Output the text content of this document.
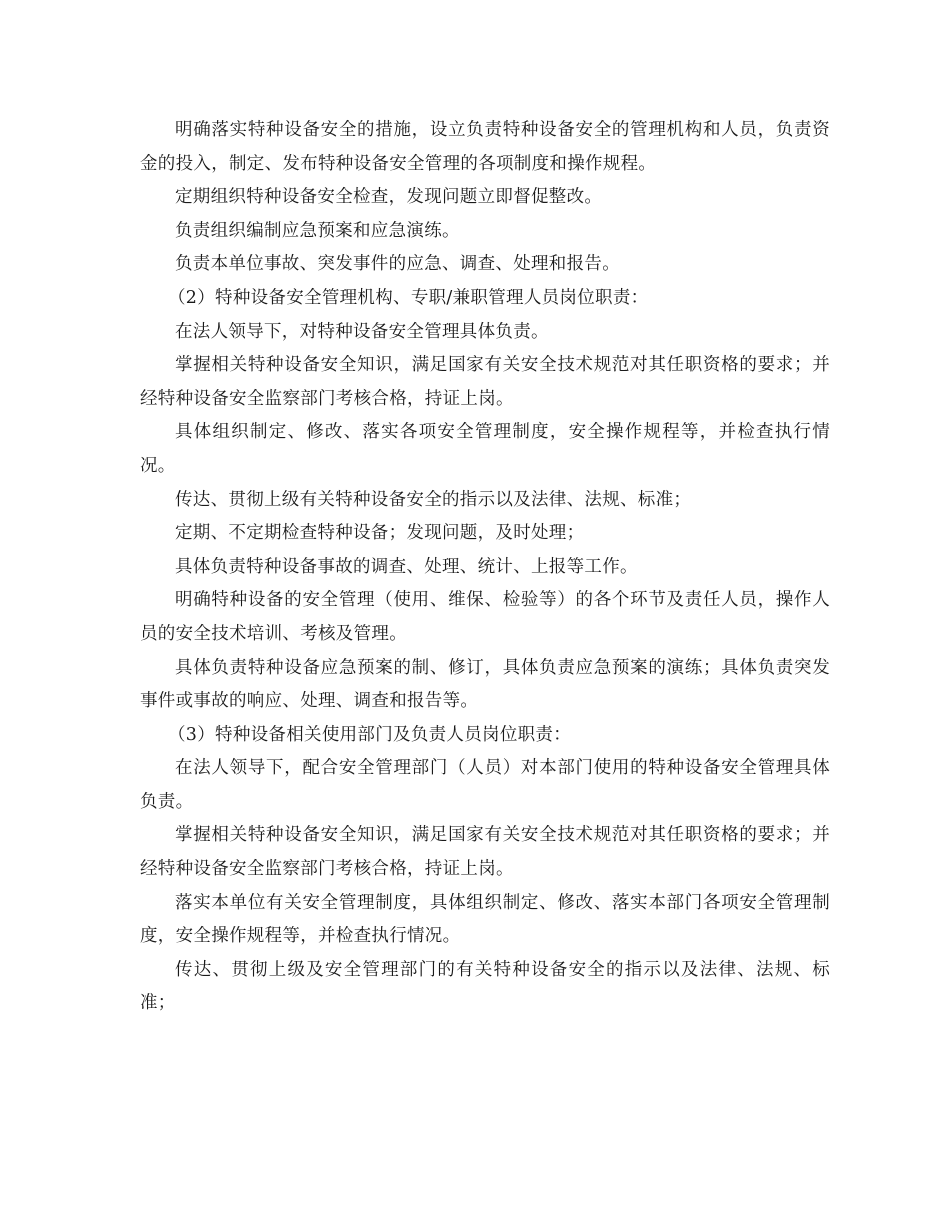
明确落实特种设备安全的措施，设立负责特种设备安全的管理机构和人员，负责资金的投入，制定、发布特种设备安全管理的各项制度和操作规程。

定期组织特种设备安全检查，发现问题立即督促整改。

负责组织编制应急预案和应急演练。

负责本单位事故、突发事件的应急、调查、处理和报告。

（2）特种设备安全管理机构、专职/兼职管理人员岗位职责：

在法人领导下，对特种设备安全管理具体负责。

掌握相关特种设备安全知识，满足国家有关安全技术规范对其任职资格的要求；并经特种设备安全监察部门考核合格，持证上岗。

具体组织制定、修改、落实各项安全管理制度，安全操作规程等，并检查执行情况。

传达、贯彻上级有关特种设备安全的指示以及法律、法规、标准；

定期、不定期检查特种设备；发现问题，及时处理；

具体负责特种设备事故的调查、处理、统计、上报等工作。

明确特种设备的安全管理（使用、维保、检验等）的各个环节及责任人员，操作人员的安全技术培训、考核及管理。

具体负责特种设备应急预案的制、修订，具体负责应急预案的演练；具体负责突发事件或事故的响应、处理、调查和报告等。

（3）特种设备相关使用部门及负责人员岗位职责：

在法人领导下，配合安全管理部门（人员）对本部门使用的特种设备安全管理具体负责。

掌握相关特种设备安全知识，满足国家有关安全技术规范对其任职资格的要求；并经特种设备安全监察部门考核合格，持证上岗。

落实本单位有关安全管理制度，具体组织制定、修改、落实本部门各项安全管理制度，安全操作规程等，并检查执行情况。

传达、贯彻上级及安全管理部门的有关特种设备安全的指示以及法律、法规、标准；
